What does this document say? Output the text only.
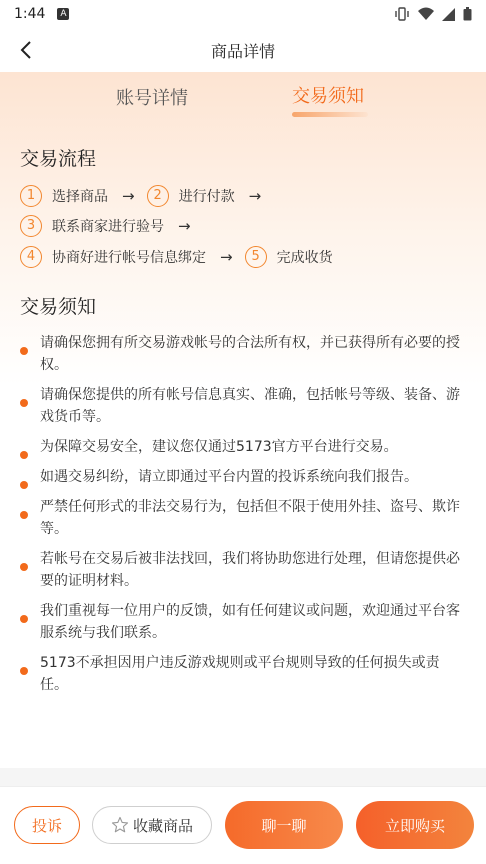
1:44	A
商品详情
账号详情	交易须知
交易流程
1	选择商品 →	2	进行付款 →
3	联系商家进行验号 →
4	协商好进行帐号信息绑定 →	5	完成收货
交易须知
请确保您拥有所交易游戏帐号的合法所有权，并已获得所有必要的授权。
请确保您提供的所有帐号信息真实、准确，包括帐号等级、装备、游戏货币等。
为保障交易安全，建议您仅通过5173官方平台进行交易。
如遇交易纠纷，请立即通过平台内置的投诉系统向我们报告。
严禁任何形式的非法交易行为，包括但不限于使用外挂、盗号、欺诈等。
若帐号在交易后被非法找回，我们将协助您进行处理，但请您提供必要的证明材料。
我们重视每一位用户的反馈，如有任何建议或问题，欢迎通过平台客服系统与我们联系。
5173不承担因用户违反游戏规则或平台规则导致的任何损失或责任。
投诉	收藏商品	聊一聊	立即购买
